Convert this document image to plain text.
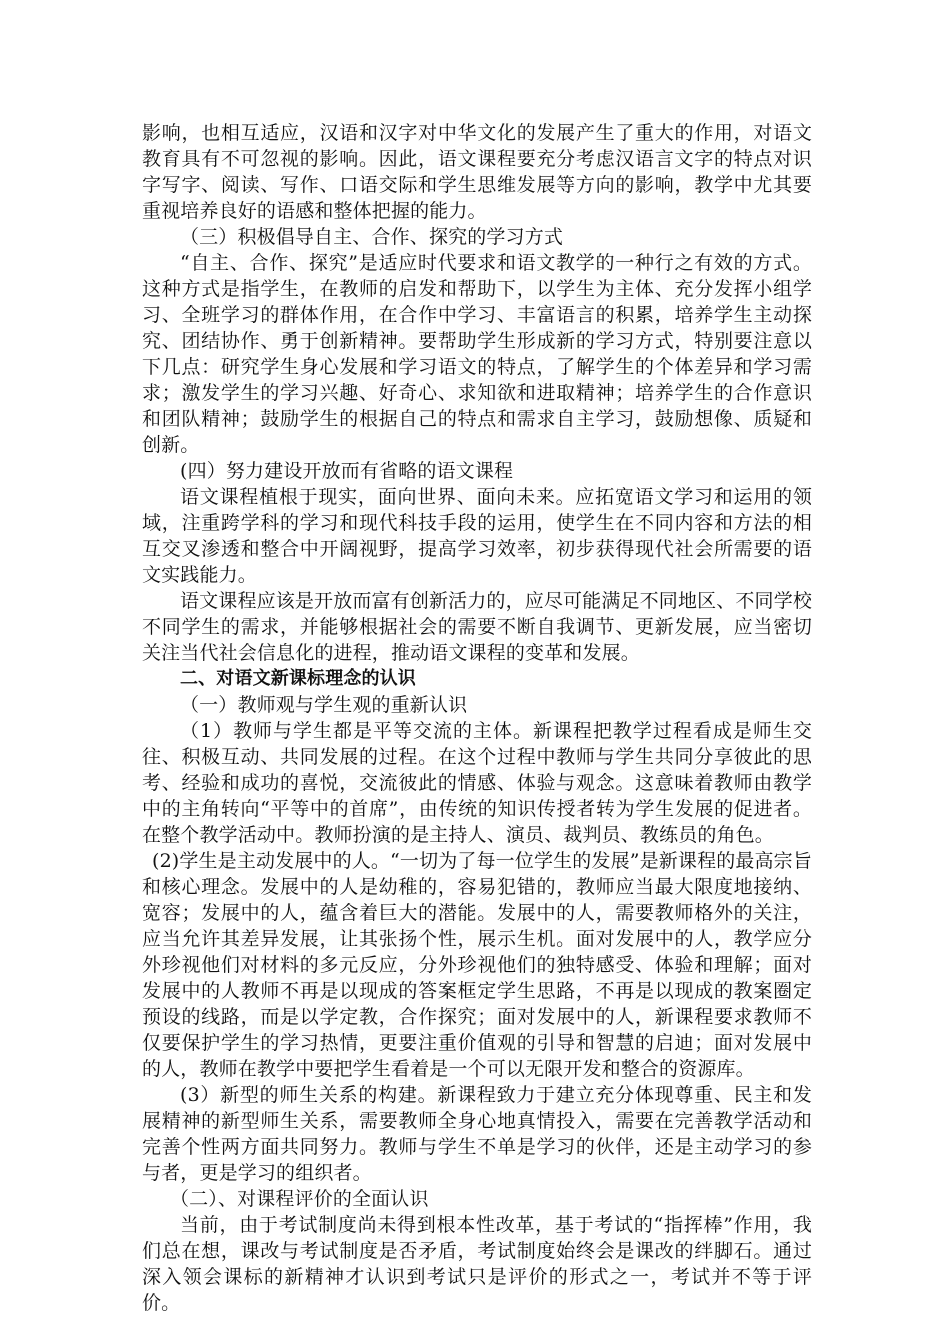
影响，也相互适应，汉语和汉字对中华文化的发展产生了重大的作用，对语文教育具有不可忽视的影响。因此，语文课程要充分考虑汉语言文字的特点对识字写字、阅读、写作、口语交际和学生思维发展等方向的影响，教学中尤其要重视培养良好的语感和整体把握的能力。

（三）积极倡导自主、合作、探究的学习方式

“自主、合作、探究”是适应时代要求和语文教学的一种行之有效的方式。这种方式是指学生，在教师的启发和帮助下，以学生为主体、充分发挥小组学习、全班学习的群体作用，在合作中学习、丰富语言的积累，培养学生主动探究、团结协作、勇于创新精神。要帮助学生形成新的学习方式，特别要注意以下几点：研究学生身心发展和学习语文的特点，了解学生的个体差异和学习需求；激发学生的学习兴趣、好奇心、求知欲和进取精神；培养学生的合作意识和团队精神；鼓励学生的根据自己的特点和需求自主学习，鼓励想像、质疑和创新。

(四）努力建设开放而有省略的语文课程

语文课程植根于现实，面向世界、面向未来。应拓宽语文学习和运用的领域，注重跨学科的学习和现代科技手段的运用，使学生在不同内容和方法的相互交叉渗透和整合中开阔视野，提高学习效率，初步获得现代社会所需要的语文实践能力。

语文课程应该是开放而富有创新活力的，应尽可能满足不同地区、不同学校不同学生的需求，并能够根据社会的需要不断自我调节、更新发展，应当密切关注当代社会信息化的进程，推动语文课程的变革和发展。

二、对语文新课标理念的认识

（一）教师观与学生观的重新认识

（1）教师与学生都是平等交流的主体。新课程把教学过程看成是师生交往、积极互动、共同发展的过程。在这个过程中教师与学生共同分享彼此的思考、经验和成功的喜悦，交流彼此的情感、体验与观念。这意味着教师由教学中的主角转向“平等中的首席”，由传统的知识传授者转为学生发展的促进者。在整个教学活动中。教师扮演的是主持人、演员、裁判员、教练员的角色。

(2)学生是主动发展中的人。“一切为了每一位学生的发展”是新课程的最高宗旨和核心理念。发展中的人是幼稚的，容易犯错的，教师应当最大限度地接纳、宽容；发展中的人，蕴含着巨大的潜能。发展中的人，需要教师格外的关注，应当允许其差异发展，让其张扬个性，展示生机。面对发展中的人，教学应分外珍视他们对材料的多元反应，分外珍视他们的独特感受、体验和理解；面对发展中的人教师不再是以现成的答案框定学生思路，不再是以现成的教案圈定预设的线路，而是以学定教，合作探究；面对发展中的人，新课程要求教师不仅要保护学生的学习热情，更要注重价值观的引导和智慧的启迪；面对发展中的人，教师在教学中要把学生看着是一个可以无限开发和整合的资源库。

(3）新型的师生关系的构建。新课程致力于建立充分体现尊重、民主和发展精神的新型师生关系，需要教师全身心地真情投入，需要在完善教学活动和完善个性两方面共同努力。教师与学生不单是学习的伙伴，还是主动学习的参与者，更是学习的组织者。

（二）、对课程评价的全面认识

当前，由于考试制度尚未得到根本性改革，基于考试的“指挥棒”作用，我们总在想，课改与考试制度是否矛盾，考试制度始终会是课改的绊脚石。通过深入领会课标的新精神才认识到考试只是评价的形式之一，考试并不等于评价。
